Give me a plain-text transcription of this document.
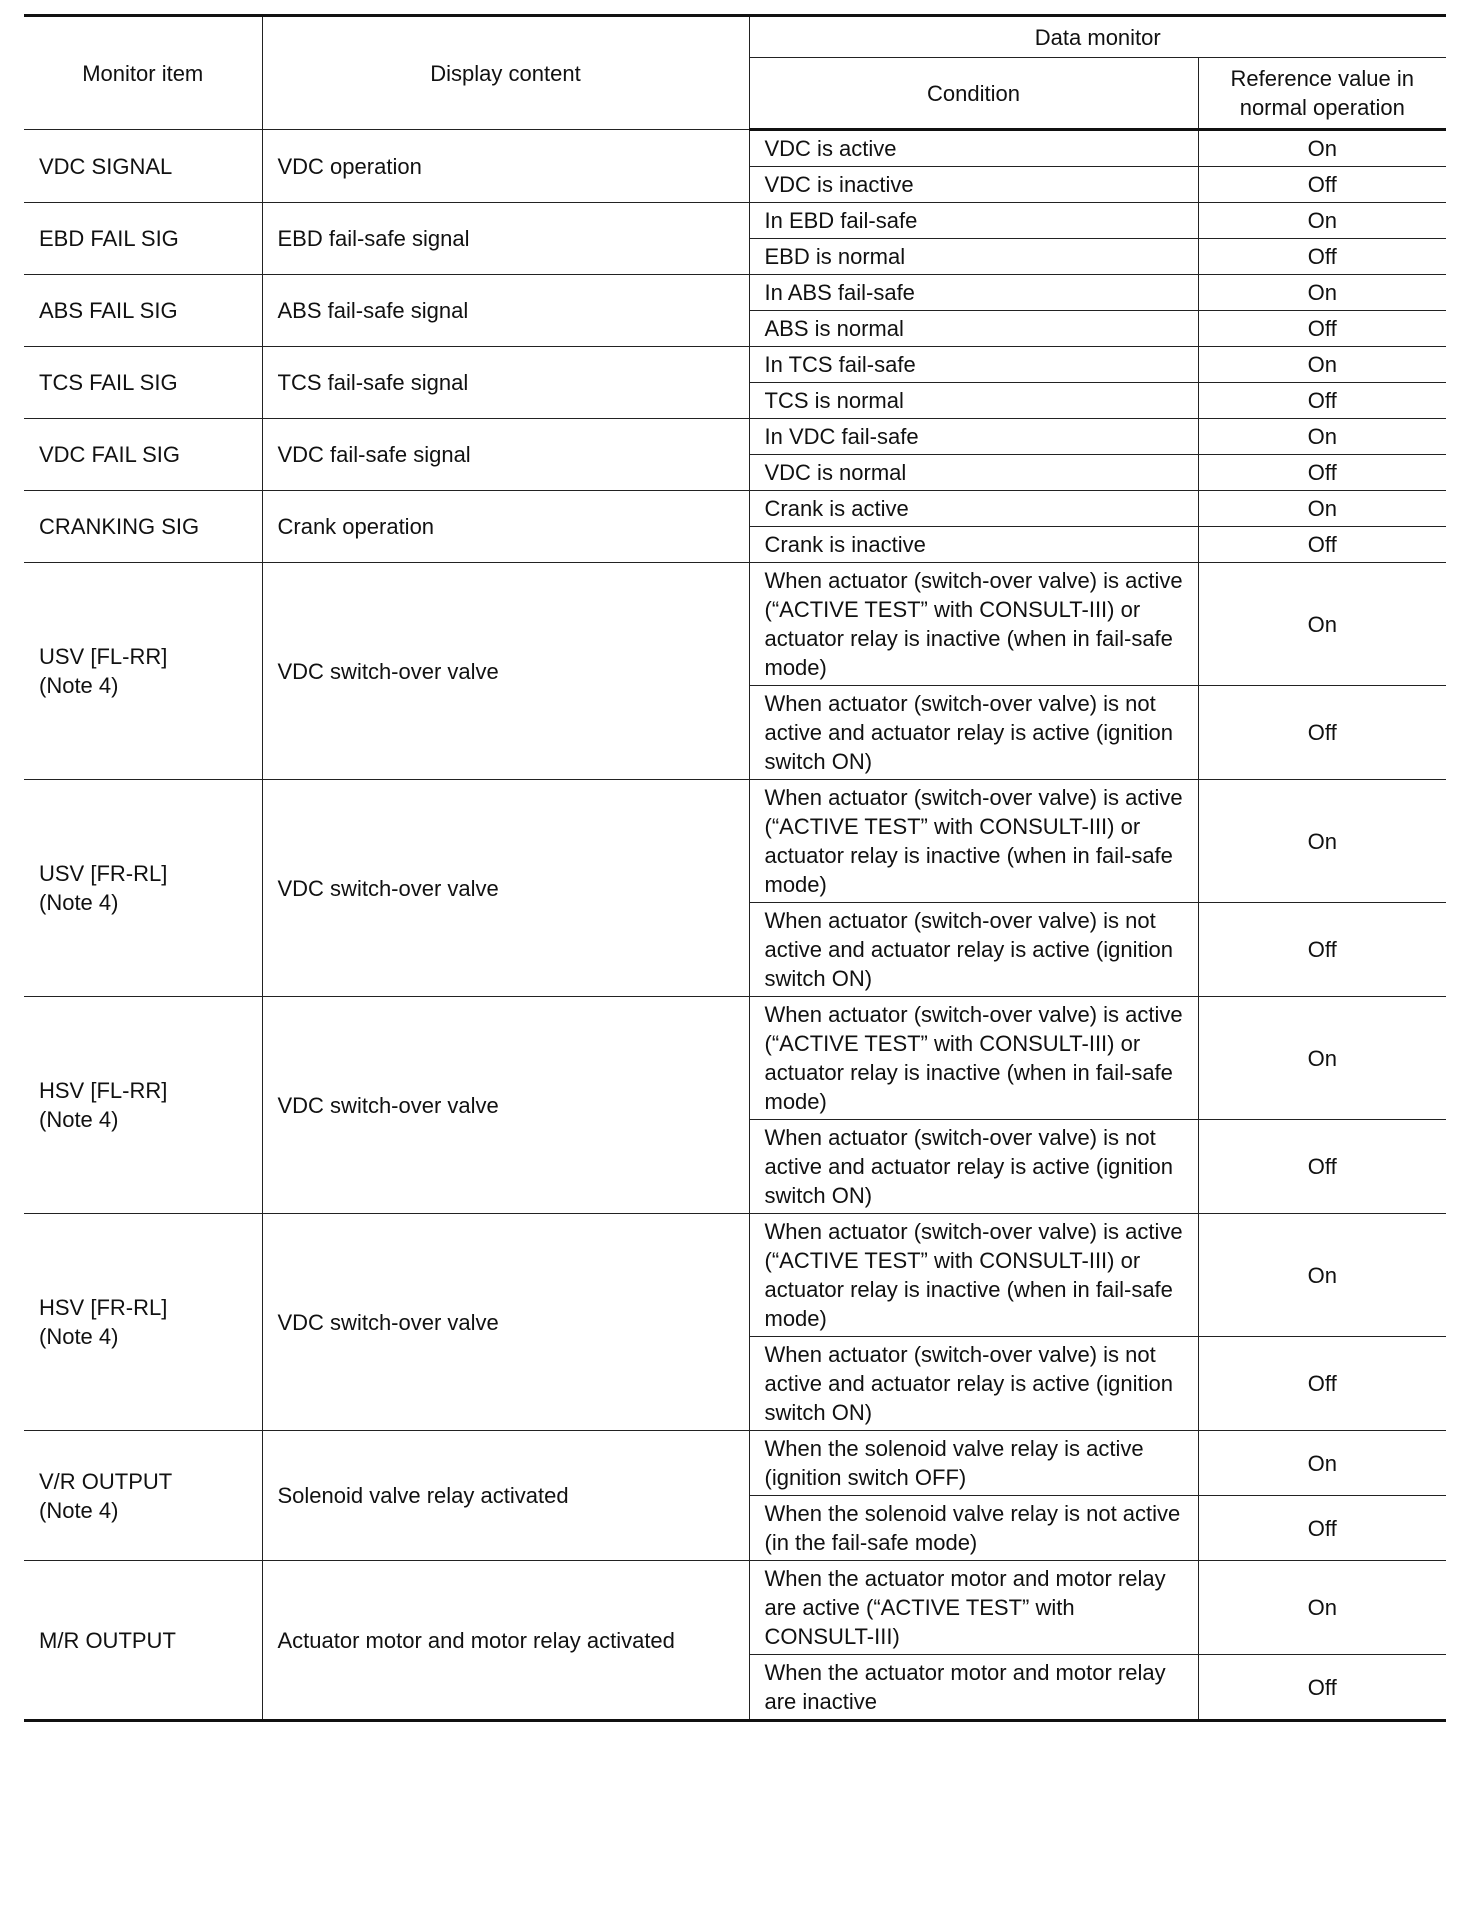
Monitor item	Display content	Data monitor	
		Condition	Reference value in normal operation

VDC SIGNAL	VDC operation	VDC is active	On
		VDC is inactive	Off

EBD FAIL SIG	EBD fail-safe signal	In EBD fail-safe	On
		EBD is normal	Off

ABS FAIL SIG	ABS fail-safe signal	In ABS fail-safe	On
		ABS is normal	Off

TCS FAIL SIG	TCS fail-safe signal	In TCS fail-safe	On
		TCS is normal	Off

VDC FAIL SIG	VDC fail-safe signal	In VDC fail-safe	On
		VDC is normal	Off

CRANKING SIG	Crank operation	Crank is active	On
		Crank is inactive	Off

USV [FL-RR]
(Note 4)	VDC switch-over valve	When actuator (switch-over valve) is active (“ACTIVE TEST” with CONSULT-III) or actuator relay is inactive (when in fail-safe mode)	On
		When actuator (switch-over valve) is not active and actuator relay is active (ignition switch ON)	Off

USV [FR-RL]
(Note 4)	VDC switch-over valve	When actuator (switch-over valve) is active (“ACTIVE TEST” with CONSULT-III) or actuator relay is inactive (when in fail-safe mode)	On
		When actuator (switch-over valve) is not active and actuator relay is active (ignition switch ON)	Off

HSV [FL-RR]
(Note 4)	VDC switch-over valve	When actuator (switch-over valve) is active (“ACTIVE TEST” with CONSULT-III) or actuator relay is inactive (when in fail-safe mode)	On
		When actuator (switch-over valve) is not active and actuator relay is active (ignition switch ON)	Off

HSV [FR-RL]
(Note 4)	VDC switch-over valve	When actuator (switch-over valve) is active (“ACTIVE TEST” with CONSULT-III) or actuator relay is inactive (when in fail-safe mode)	On
		When actuator (switch-over valve) is not active and actuator relay is active (ignition switch ON)	Off

V/R OUTPUT
(Note 4)	Solenoid valve relay activated	When the solenoid valve relay is active (ignition switch OFF)	On
		When the solenoid valve relay is not active (in the fail-safe mode)	Off

M/R OUTPUT	Actuator motor and motor relay activated	When the actuator motor and motor relay are active (“ACTIVE TEST” with CONSULT-III)	On
		When the actuator motor and motor relay are inactive	Off
